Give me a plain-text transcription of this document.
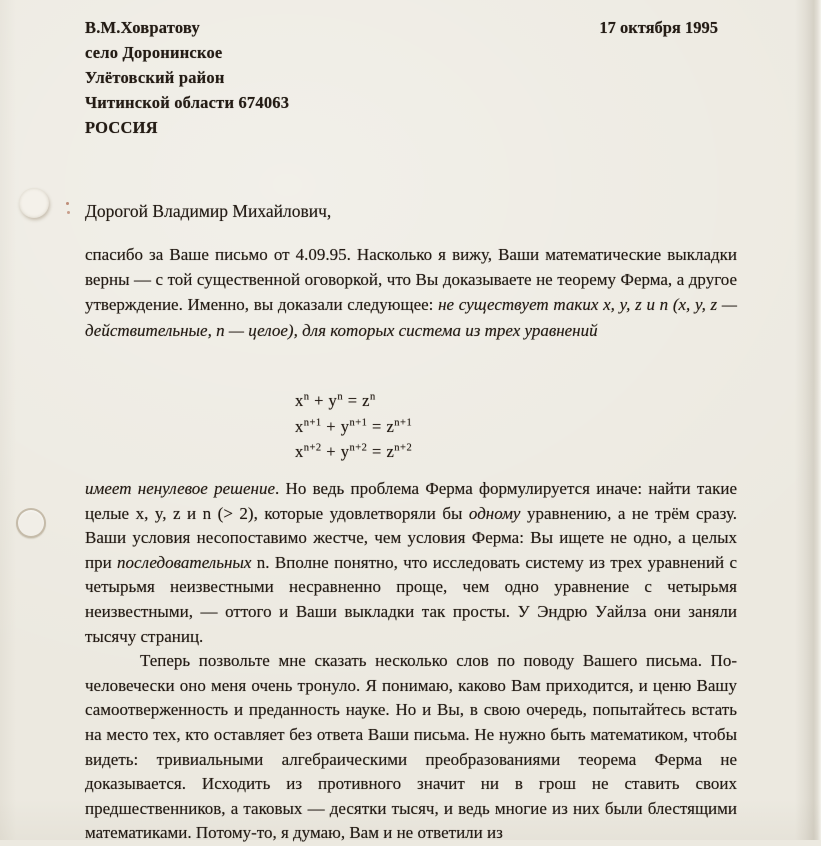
В.М.Ховратову
село Доронинское
Улётовский район
Читинской области 674063
РОССИЯ
17 октября 1995
Дорогой Владимир Михайлович,

спасибо за Ваше письмо от 4.09.95. Насколько я вижу, Ваши математические выкладки верны — с той существенной оговоркой, что Вы доказываете не теорему Ферма, а другое утверждение. Именно, вы доказали следующее: не существует таких x, y, z и n (x, y, z — действительные, n — целое), для которых система из трех уравнений

$x^n + y^n = z^n$
$x^{n+1} + y^{n+1} = z^{n+1}$
$x^{n+2} + y^{n+2} = z^{n+2}$

имеет ненулевое решение. Но ведь проблема Ферма формулируется иначе: найти такие целые x, y, z и n (> 2), которые удовлетворяли бы одному уравнению, а не трём сразу. Ваши условия несопоставимо жестче, чем условия Ферма: Вы ищете не одно, а целых при последовательных n. Вполне понятно, что исследовать систему из трех уравнений с четырьмя неизвестными несравненно проще, чем одно уравнение с четырьмя неизвестными, — оттого и Ваши выкладки так просты. У Эндрю Уайлза они заняли тысячу страниц.

Теперь позвольте мне сказать несколько слов по поводу Вашего письма. По-человечески оно меня очень тронуло. Я понимаю, каково Вам приходится, и ценю Вашу самоотверженность и преданность науке. Но и Вы, в свою очередь, попытайтесь встать на место тех, кто оставляет без ответа Ваши письма. Не нужно быть математиком, чтобы видеть: тривиальными алгебраическими преобразованиями теорема Ферма не доказывается. Исходить из противного значит ни в грош не ставить своих предшественников, а таковых — десятки тысяч, и ведь многие из них были блестящими математиками. Потому-то, я думаю, Вам и не ответили из
